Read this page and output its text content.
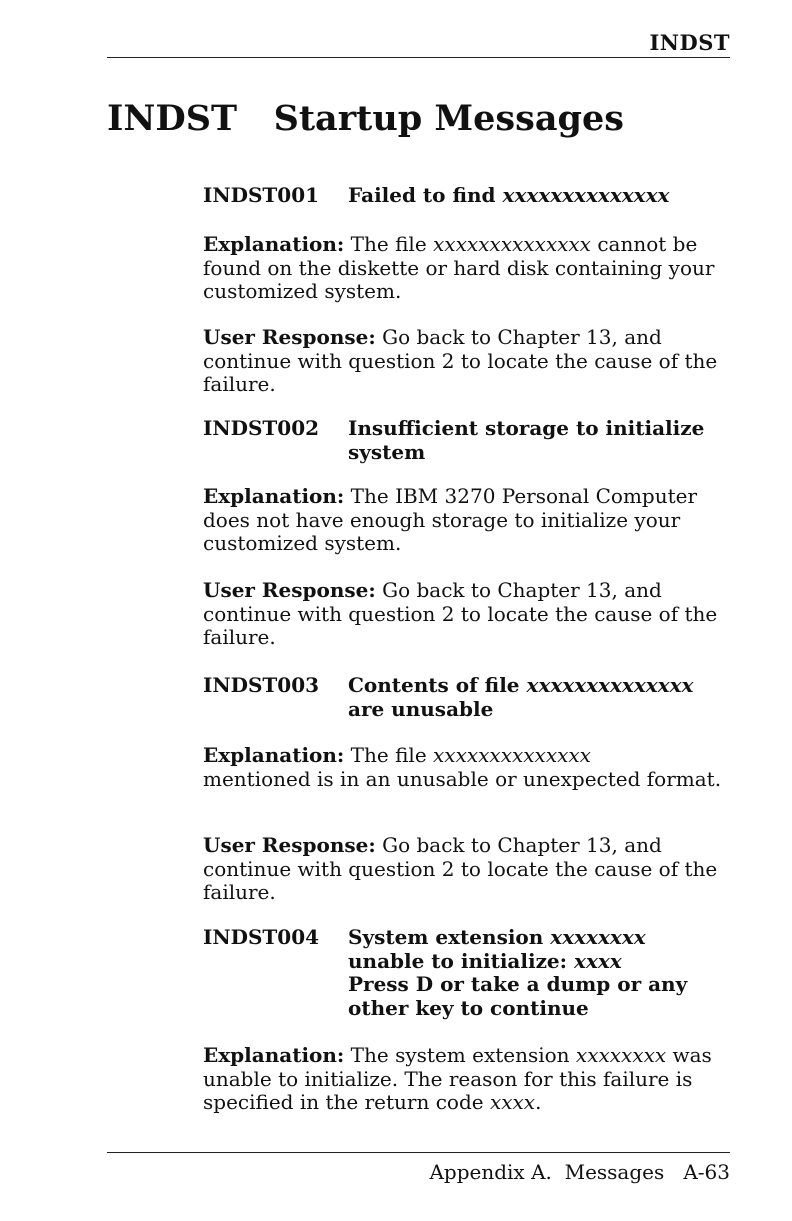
INDST
INDST   Startup Messages
INDST001	Failed to find xxxxxxxxxxxxxx
Explanation: The file xxxxxxxxxxxxxx cannot be found on the diskette or hard disk containing your customized system.
User Response: Go back to Chapter 13, and continue with question 2 to locate the cause of the failure.
INDST002	Insufficient storage to initialize system
Explanation: The IBM 3270 Personal Computer does not have enough storage to initialize your customized system.
User Response: Go back to Chapter 13, and continue with question 2 to locate the cause of the failure.
INDST003	Contents of file xxxxxxxxxxxxxx
are unusable
Explanation: The file xxxxxxxxxxxxxx
mentioned is in an unusable or unexpected format.
User Response: Go back to Chapter 13, and continue with question 2 to locate the cause of the failure.
INDST004	System extension xxxxxxxx
unable to initialize: xxxx
Press D or take a dump or any other key to continue
Explanation: The system extension xxxxxxxx was unable to initialize. The reason for this failure is specified in the return code xxxx.
Appendix A.  Messages A-63
